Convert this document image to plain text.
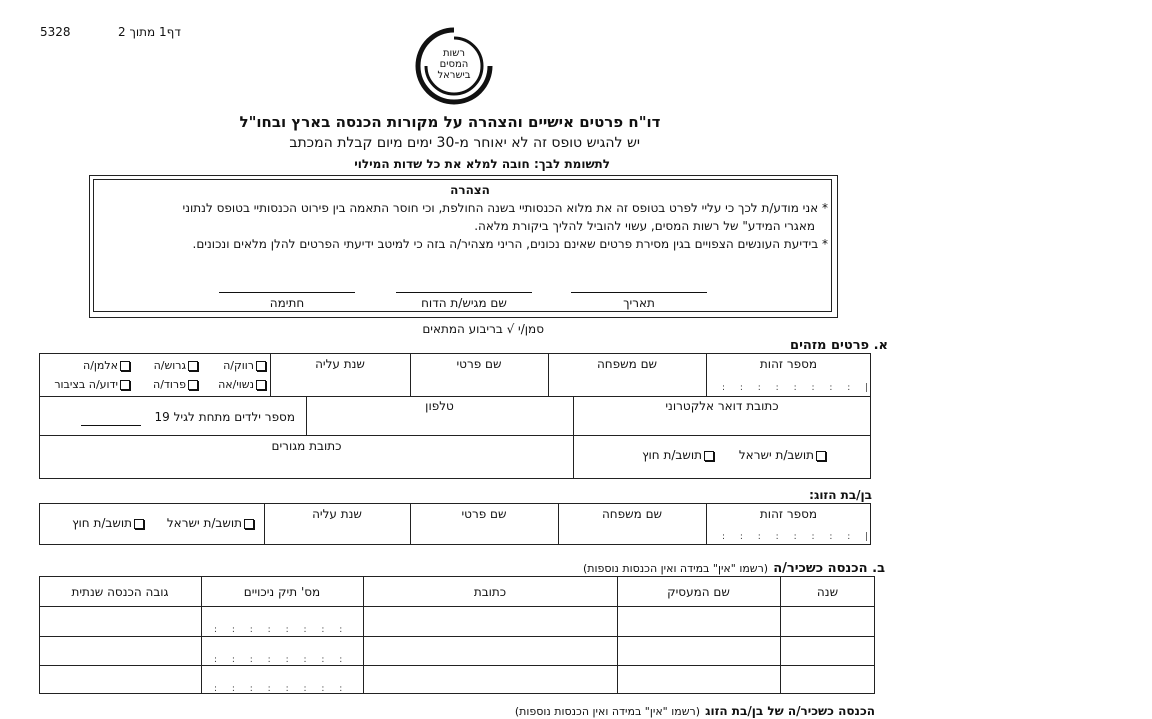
5328	דף1 מתוך 2
רשות
המסים
בישראל
דו"ח פרטים אישיים והצהרה על מקורות הכנסה בארץ ובחו"ל
יש להגיש טופס זה לא יאוחר מ-30 ימים מיום קבלת המכתב
לתשומת לבך: חובה למלא את כל שדות המילוי
הצהרה
* אני מודע/ת לכך כי עליי לפרט בטופס זה את מלוא הכנסותיי בשנה החולפת, וכי חוסר התאמה בין פירוט הכנסותיי בטופס לנתוני
מאגרי המידע" של רשות המסים, עשוי להוביל להליך ביקורת מלאה.
* בידיעת העונשים הצפויים בגין מסירת פרטים שאינם נכונים, הריני מצהיר/ה בזה כי למיטב ידיעתי הפרטים להלן מלאים ונכונים.
תאריך
שם מגיש/ת הדוח
חתימה
סמן/י √ בריבוע המתאים
א. פרטים מזהים
מספר זהות
: : : : : : : : |
שם משפחה
שם פרטי
שנת עליה
רווק/ה
גרוש/ה
אלמן/ה
נשוי/אה
פרוד/ה
ידוע/ה בציבור
כתובת דואר אלקטרוני
טלפון
מספר ילדים מתחת לגיל 19
כתובת מגורים
תושב/ת ישראל
תושב/ת חוץ
בן/בת הזוג:
מספר זהות
: : : : : : : : |
שם משפחה
שם פרטי
שנת עליה
תושב/ת ישראל
תושב/ת חוץ
ב. הכנסה כשכיר/ה (רשמו "אין" במידה ואין הכנסות נוספות)
שנה
שם המעסיק
כתובת
מס' תיק ניכויים
גובה הכנסה שנתית
: : : : : : : :
: : : : : : : :
: : : : : : : :
הכנסה כשכיר/ה של בן/בת הזוג (רשמו "אין" במידה ואין הכנסות נוספות)
